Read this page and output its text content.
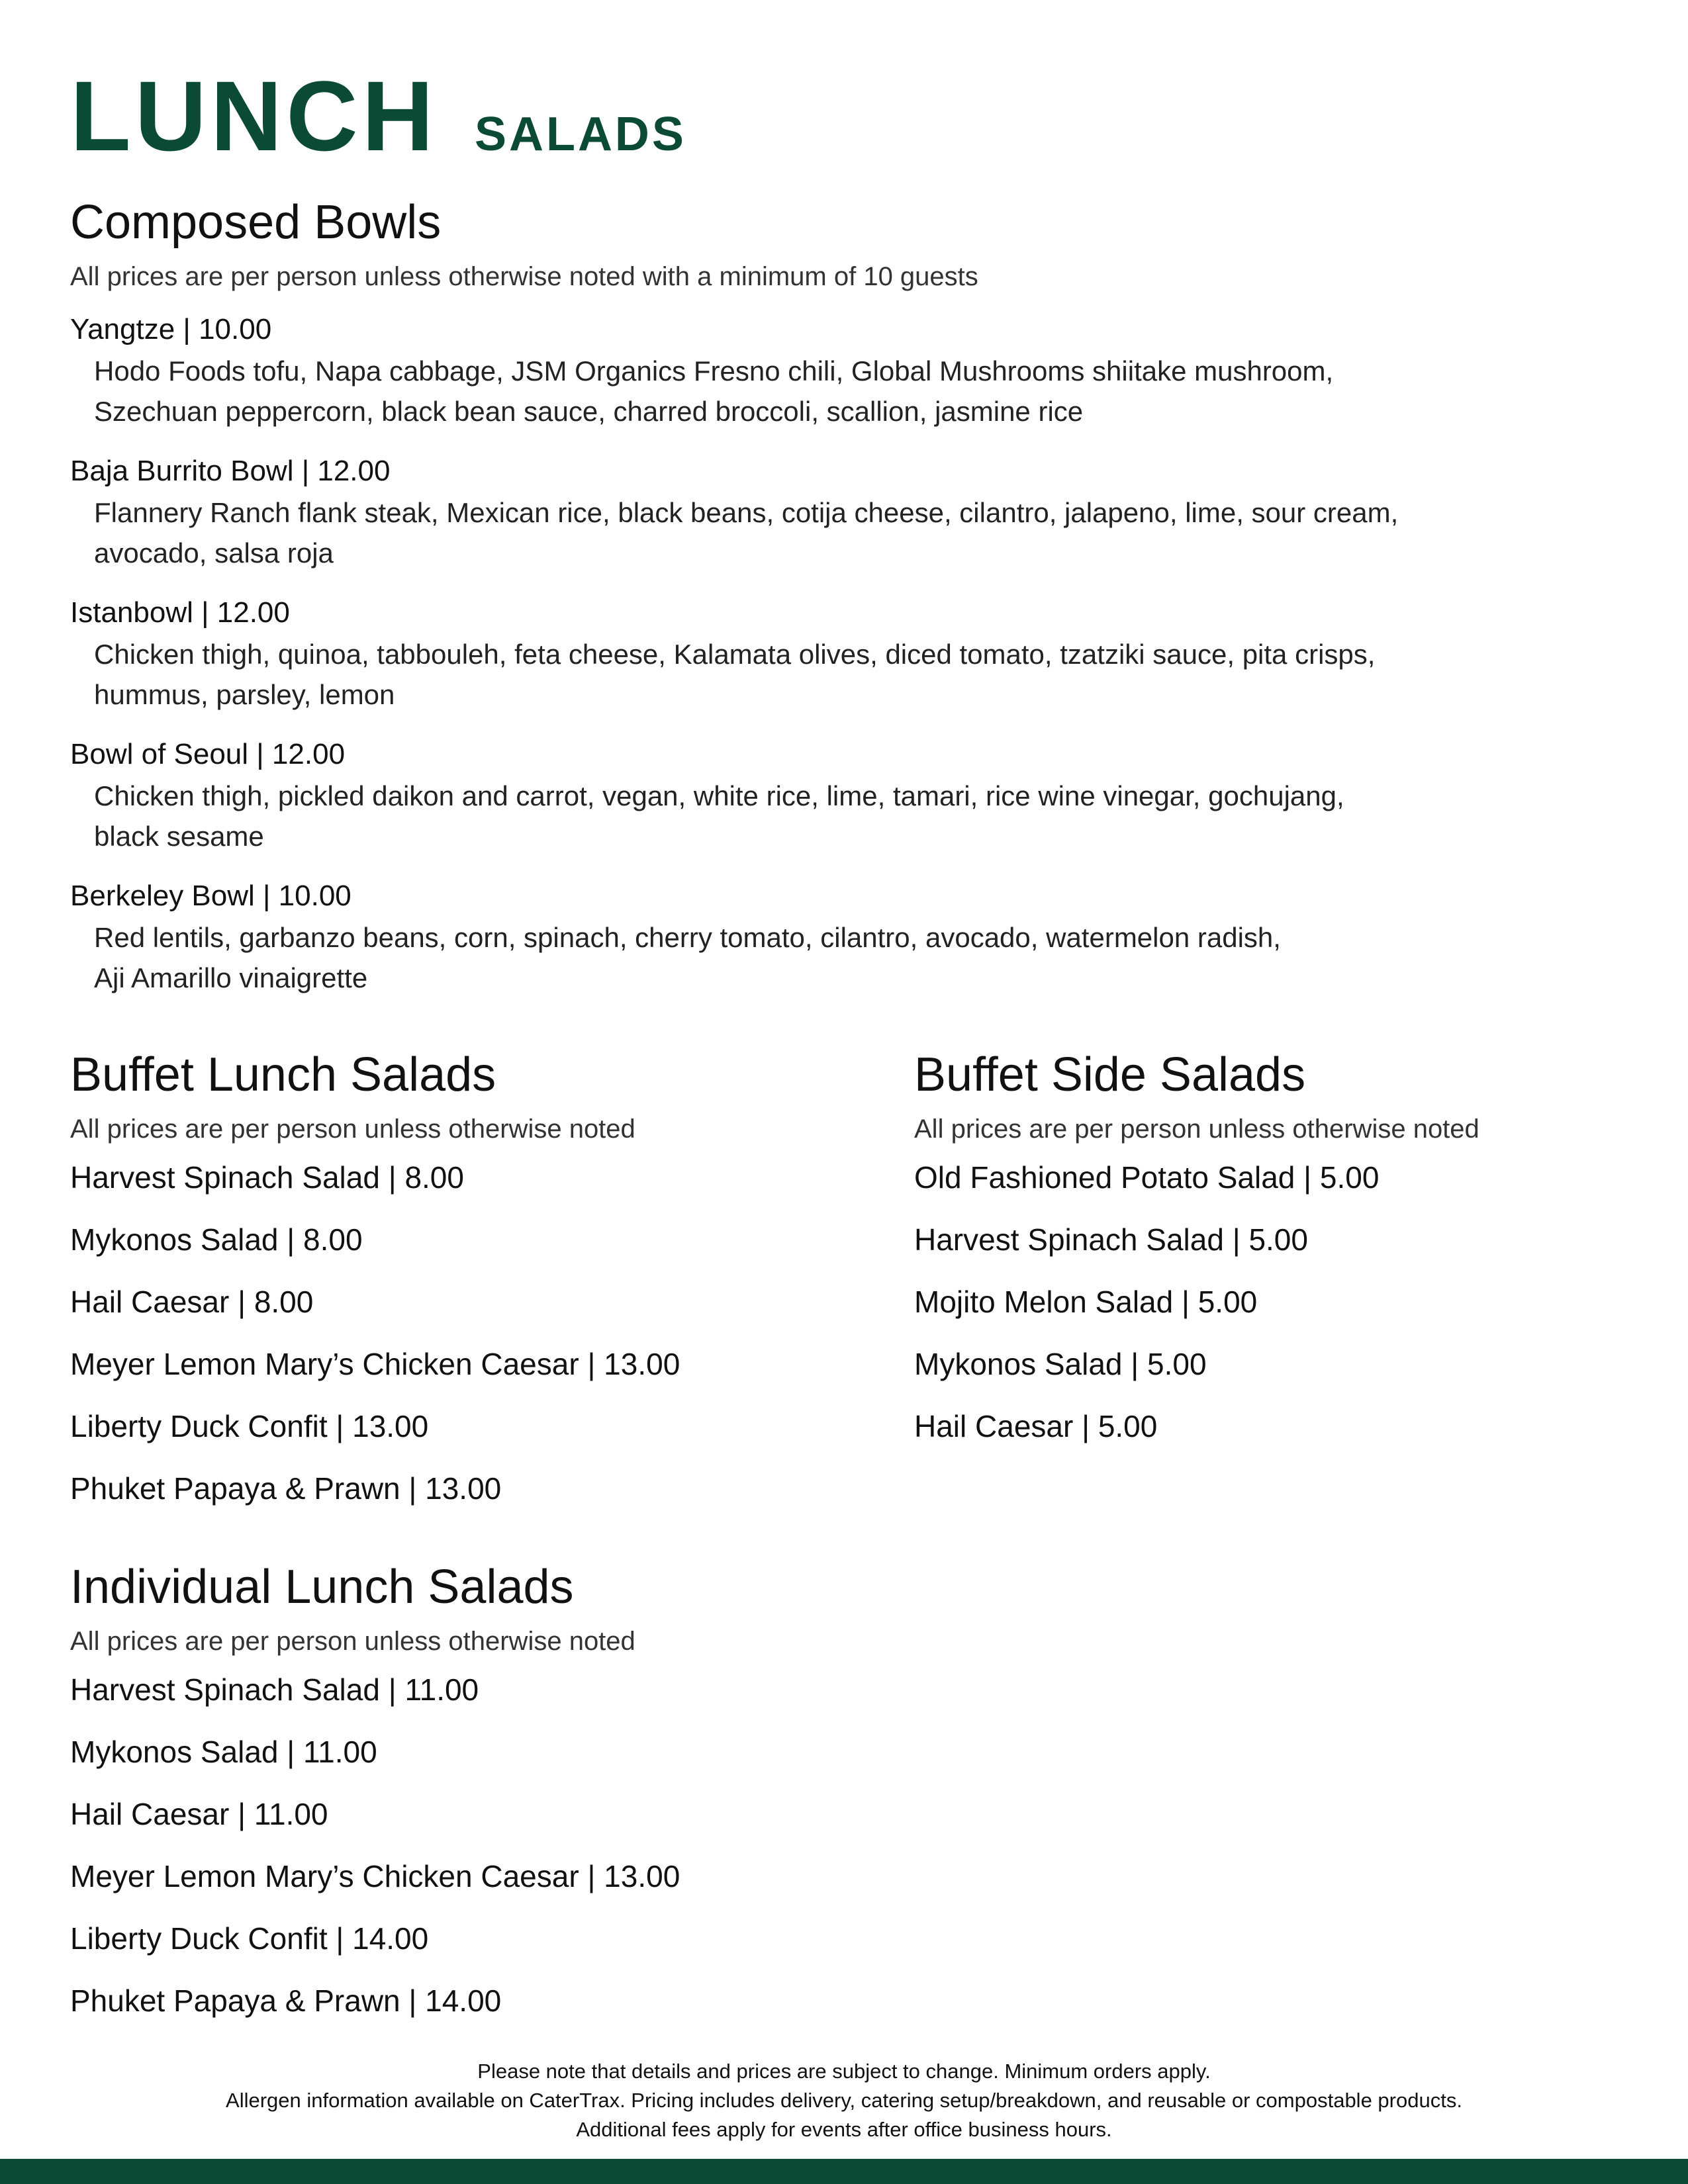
LUNCH SALADS
Composed Bowls
All prices are per person unless otherwise noted with a minimum of 10 guests
Yangtze | 10.00
Hodo Foods tofu, Napa cabbage, JSM Organics Fresno chili, Global Mushrooms shiitake mushroom,
Szechuan peppercorn, black bean sauce, charred broccoli, scallion, jasmine rice
Baja Burrito Bowl | 12.00
Flannery Ranch flank steak, Mexican rice, black beans, cotija cheese, cilantro, jalapeno, lime, sour cream,
avocado, salsa roja
Istanbowl | 12.00
Chicken thigh, quinoa, tabbouleh, feta cheese, Kalamata olives, diced tomato, tzatziki sauce, pita crisps,
hummus, parsley, lemon
Bowl of Seoul | 12.00
Chicken thigh, pickled daikon and carrot, vegan, white rice, lime, tamari, rice wine vinegar, gochujang,
black sesame
Berkeley Bowl | 10.00
Red lentils, garbanzo beans, corn, spinach, cherry tomato, cilantro, avocado, watermelon radish,
Aji Amarillo vinaigrette
Buffet Lunch Salads
All prices are per person unless otherwise noted
Harvest Spinach Salad | 8.00
Mykonos Salad | 8.00
Hail Caesar | 8.00
Meyer Lemon Mary’s Chicken Caesar | 13.00
Liberty Duck Confit | 13.00
Phuket Papaya & Prawn | 13.00
Buffet Side Salads
All prices are per person unless otherwise noted
Old Fashioned Potato Salad | 5.00
Harvest Spinach Salad | 5.00
Mojito Melon Salad | 5.00
Mykonos Salad | 5.00
Hail Caesar | 5.00
Individual Lunch Salads
All prices are per person unless otherwise noted
Harvest Spinach Salad | 11.00
Mykonos Salad | 11.00
Hail Caesar | 11.00
Meyer Lemon Mary’s Chicken Caesar | 13.00
Liberty Duck Confit | 14.00
Phuket Papaya & Prawn | 14.00
Please note that details and prices are subject to change. Minimum orders apply.
Allergen information available on CaterTrax. Pricing includes delivery, catering setup/breakdown, and reusable or compostable products.
Additional fees apply for events after office business hours.
